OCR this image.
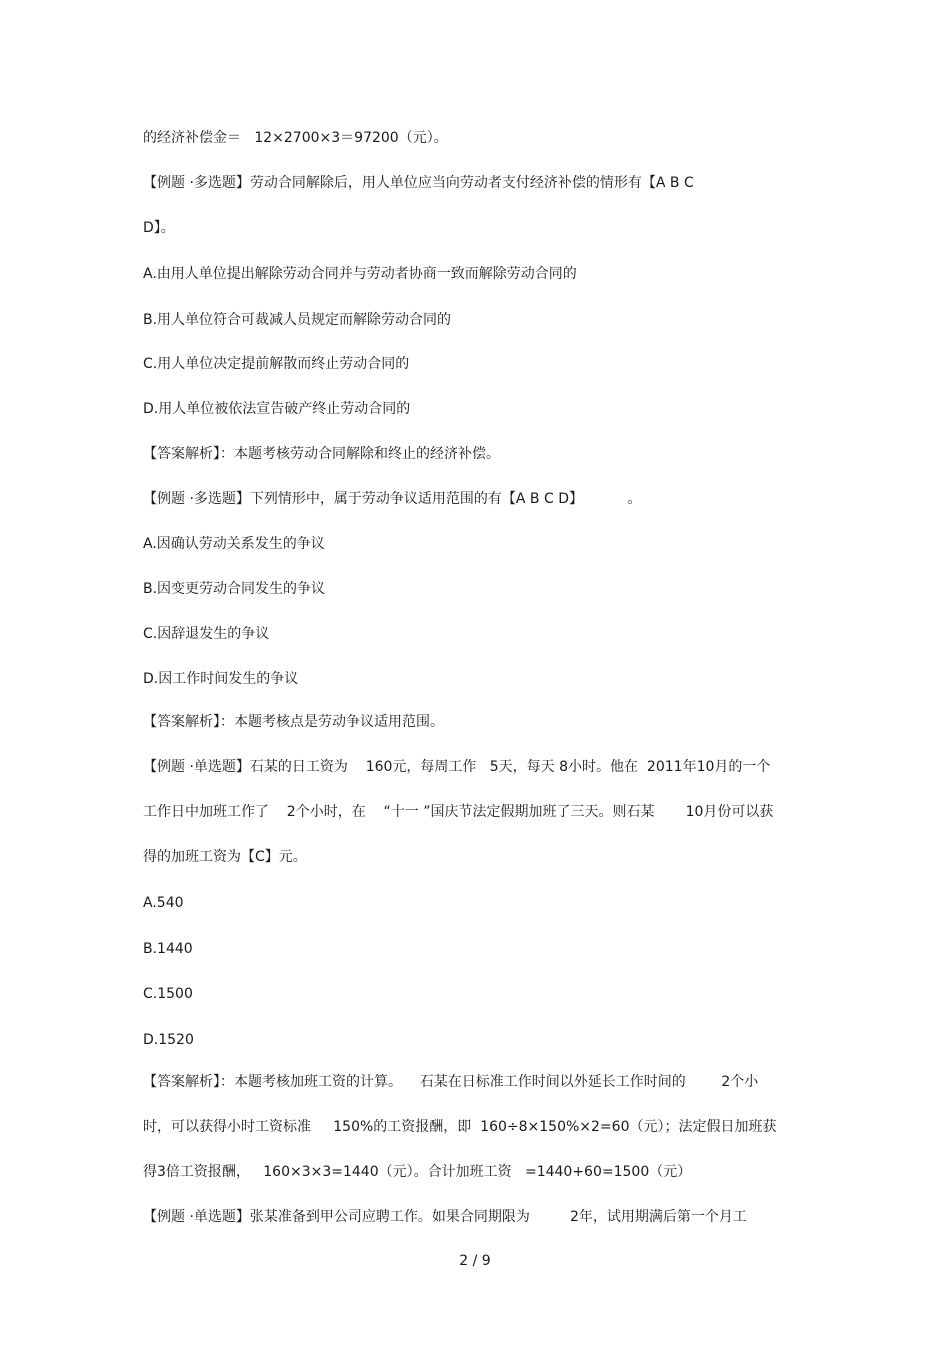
的经济补偿金＝   12×2700×3＝97200（元）。
【例题 ·多选题】劳动合同解除后，用人单位应当向劳动者支付经济补偿的情形有【A B C
D】。
A.由用人单位提出解除劳动合同并与劳动者协商一致而解除劳动合同的
B.用人单位符合可裁减人员规定而解除劳动合同的
C.用人单位决定提前解散而终止劳动合同的
D.用人单位被依法宣告破产终止劳动合同的
【答案解析】：本题考核劳动合同解除和终止的经济补偿。
【例题 ·多选题】下列情形中，属于劳动争议适用范围的有【A B C D】          。
A.因确认劳动关系发生的争议
B.因变更劳动合同发生的争议
C.因辞退发生的争议
D.因工作时间发生的争议
【答案解析】：本题考核点是劳动争议适用范围。
【例题 ·单选题】石某的日工资为    160元，每周工作   5天，每天 8小时。他在  2011年10月的一个
工作日中加班工作了    2个小时，在    “十一 ”国庆节法定假期加班了三天。则石某       10月份可以获
得的加班工资为【C】元。
A.540
B.1440
C.1500
D.1520
【答案解析】：本题考核加班工资的计算。    石某在日标准工作时间以外延长工作时间的        2个小
时，可以获得小时工资标准     150%的工资报酬，即  160÷8×150%×2=60（元）；法定假日加班获
得3倍工资报酬，   160×3×3=1440（元）。合计加班工资   =1440+60=1500（元）
【例题 ·单选题】张某准备到甲公司应聘工作。如果合同期限为         2年，试用期满后第一个月工
2 / 9
